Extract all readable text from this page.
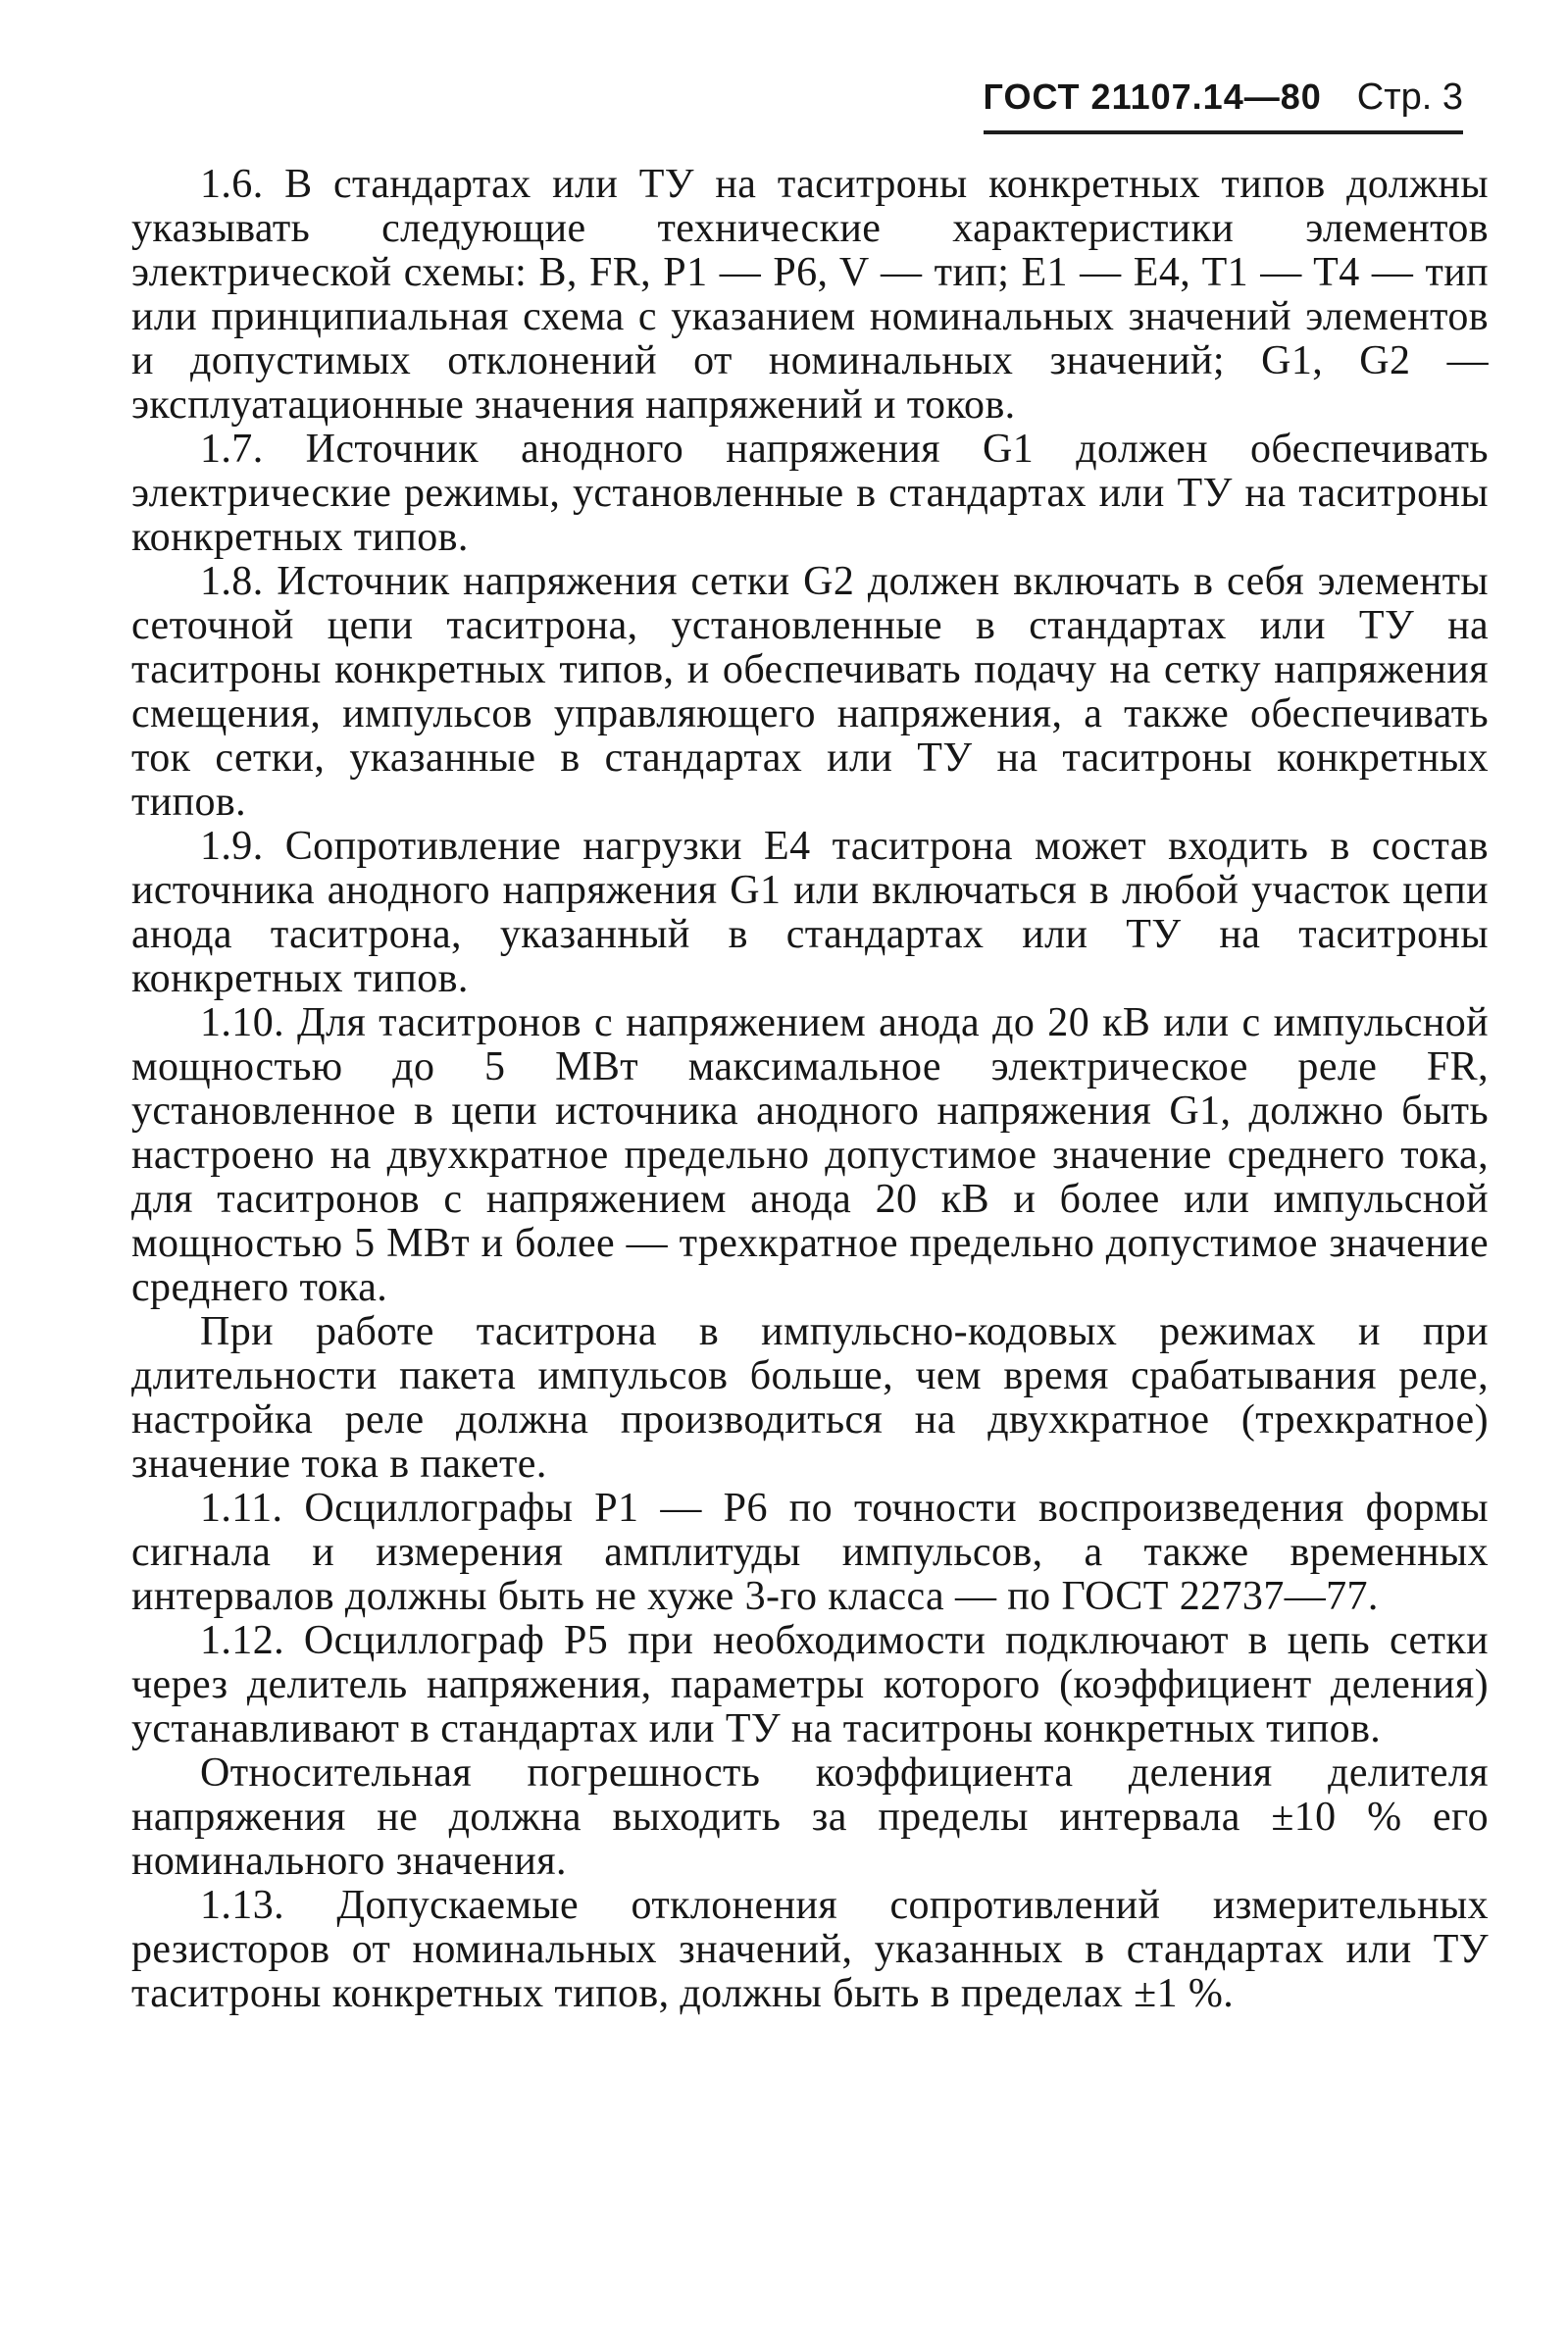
ГОСТ 21107.14—80 Стр. 3

1.6. В стандартах или ТУ на таситроны конкретных типов должны указывать следующие технические характеристики элементов электрической схемы: B, FR, P1 — P6, V — тип; E1 — E4, T1 — T4 — тип или принципиальная схема с указанием номинальных значений элементов и допустимых отклонений от номинальных значений; G1, G2 — эксплуатационные значения напряжений и токов.

1.7. Источник анодного напряжения G1 должен обеспечивать электрические режимы, установленные в стандартах или ТУ на таситроны конкретных типов.

1.8. Источник напряжения сетки G2 должен включать в себя элементы сеточной цепи таситрона, установленные в стандартах или ТУ на таситроны конкретных типов, и обеспечивать подачу на сетку напряжения смещения, импульсов управляющего напряжения, а также обеспечивать ток сетки, указанные в стандартах или ТУ на таситроны конкретных типов.

1.9. Сопротивление нагрузки E4 таситрона может входить в состав источника анодного напряжения G1 или включаться в любой участок цепи анода таситрона, указанный в стандартах или ТУ на таситроны конкретных типов.

1.10. Для таситронов с напряжением анода до 20 кВ или с импульсной мощностью до 5 МВт максимальное электрическое реле FR, установленное в цепи источника анодного напряжения G1, должно быть настроено на двухкратное предельно допустимое значение среднего тока, для таситронов с напряжением анода 20 кВ и более или импульсной мощностью 5 МВт и более — трехкратное предельно допустимое значение среднего тока.

При работе таситрона в импульсно-кодовых режимах и при длительности пакета импульсов больше, чем время срабатывания реле, настройка реле должна производиться на двухкратное (трехкратное) значение тока в пакете.

1.11. Осциллографы P1 — P6 по точности воспроизведения формы сигнала и измерения амплитуды импульсов, а также временных интервалов должны быть не хуже 3-го класса — по ГОСТ 22737—77.

1.12. Осциллограф P5 при необходимости подключают в цепь сетки через делитель напряжения, параметры которого (коэффициент деления) устанавливают в стандартах или ТУ на таситроны конкретных типов.

Относительная погрешность коэффициента деления делителя напряжения не должна выходить за пределы интервала ±10 % его номинального значения.

1.13. Допускаемые отклонения сопротивлений измерительных резисторов от номинальных значений, указанных в стандартах или ТУ таситроны конкретных типов, должны быть в пределах ±1 %.
